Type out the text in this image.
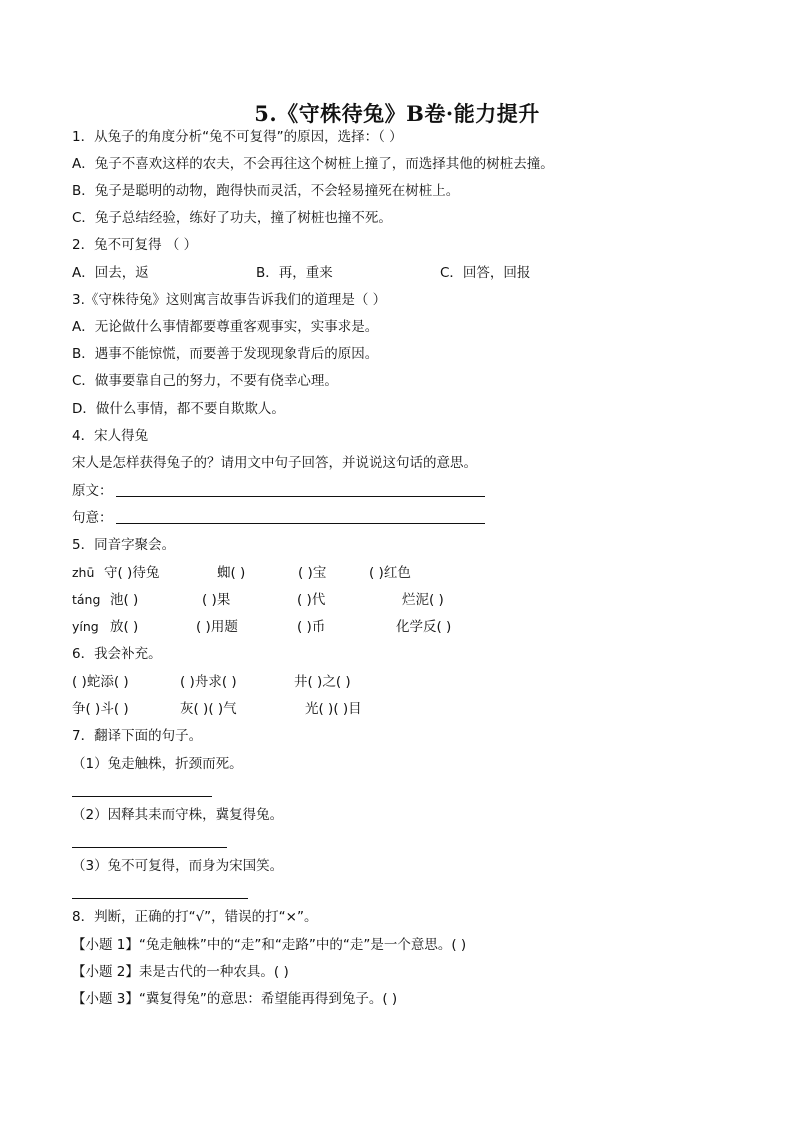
5.《守株待兔》B卷·能力提升
1．从兔子的角度分析“兔不可复得”的原因，选择：（ ）
A．兔子不喜欢这样的农夫，不会再往这个树桩上撞了，而选择其他的树桩去撞。
B．兔子是聪明的动物，跑得快而灵活，不会轻易撞死在树桩上。
C．兔子总结经验，练好了功夫，撞了树桩也撞不死。
2．兔不可复得 （ ）
A．回去，返	B．再，重来	C．回答，回报
3.《守株待兔》这则寓言故事告诉我们的道理是（ ）
A．无论做什么事情都要尊重客观事实，实事求是。
B．遇事不能惊慌，而要善于发现现象背后的原因。
C．做事要靠自己的努力，不要有侥幸心理。
D．做什么事情，都不要自欺欺人。
4．宋人得兔
宋人是怎样获得兔子的？请用文中句子回答，并说说这句话的意思。
原文：
句意：
5．同音字聚会。
zhū 守( )待兔	蜘( )	( )宝	( )红色
táng 池( )	( )果	( )代	烂泥( )
yíng 放( )	( )用题	( )币	化学反( )
6．我会补充。
( )蛇添( )	( )舟求( )	井( )之( )
争( )斗( )	灰( )( )气	光( )( )目
7．翻译下面的句子。
（1）兔走触株，折颈而死。
（2）因释其耒而守株，冀复得兔。
（3）兔不可复得，而身为宋国笑。
8．判断，正确的打“√”，错误的打“×”。
【小题 1】“兔走触株”中的“走”和“走路”中的“走”是一个意思。( )
【小题 2】耒是古代的一种农具。( )
【小题 3】“冀复得兔”的意思：希望能再得到兔子。( )
